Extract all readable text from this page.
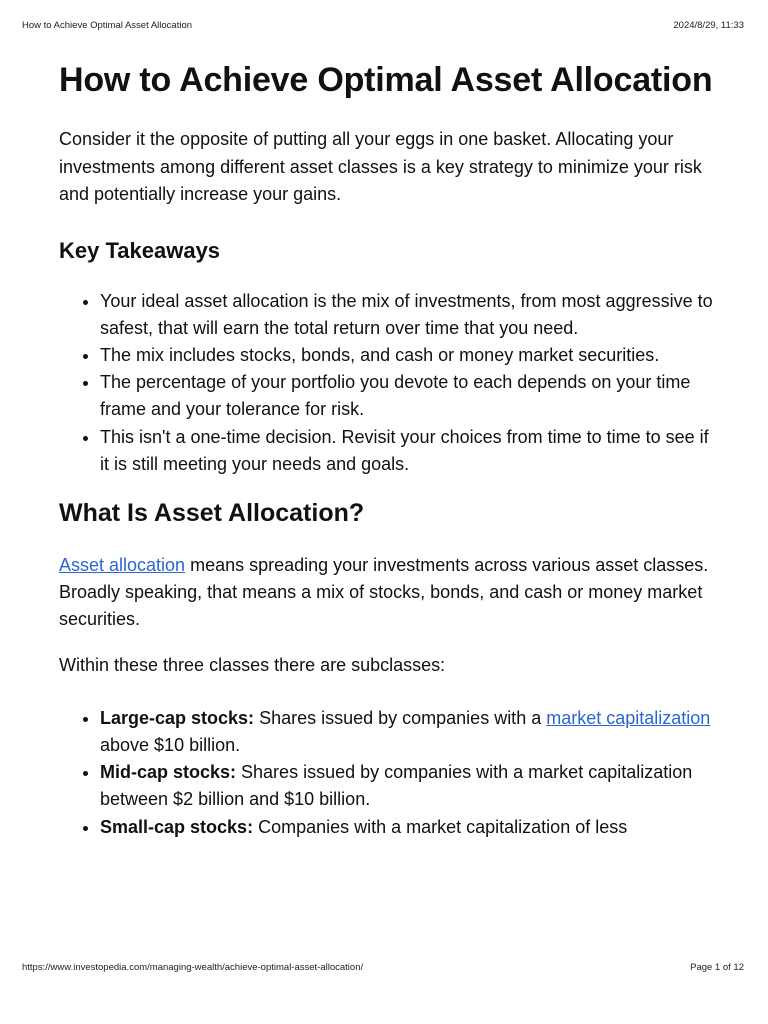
How to Achieve Optimal Asset Allocation	2024/8/29, 11:33
How to Achieve Optimal Asset Allocation

Consider it the opposite of putting all your eggs in one basket. Allocating your investments among different asset classes is a key strategy to minimize your risk and potentially increase your gains.

Key Takeaways
• Your ideal asset allocation is the mix of investments, from most aggressive to safest, that will earn the total return over time that you need.
• The mix includes stocks, bonds, and cash or money market securities.
• The percentage of your portfolio you devote to each depends on your time frame and your tolerance for risk.
• This isn't a one-time decision. Revisit your choices from time to time to see if it is still meeting your needs and goals.
What Is Asset Allocation?

Asset allocation means spreading your investments across various asset classes. Broadly speaking, that means a mix of stocks, bonds, and cash or money market securities.

Within these three classes there are subclasses:

• Large-cap stocks: Shares issued by companies with a market capitalization above $10 billion.
• Mid-cap stocks: Shares issued by companies with a market capitalization between $2 billion and $10 billion.
• Small-cap stocks: Companies with a market capitalization of less
https://www.investopedia.com/managing-wealth/achieve-optimal-asset-allocation/	Page 1 of 12
